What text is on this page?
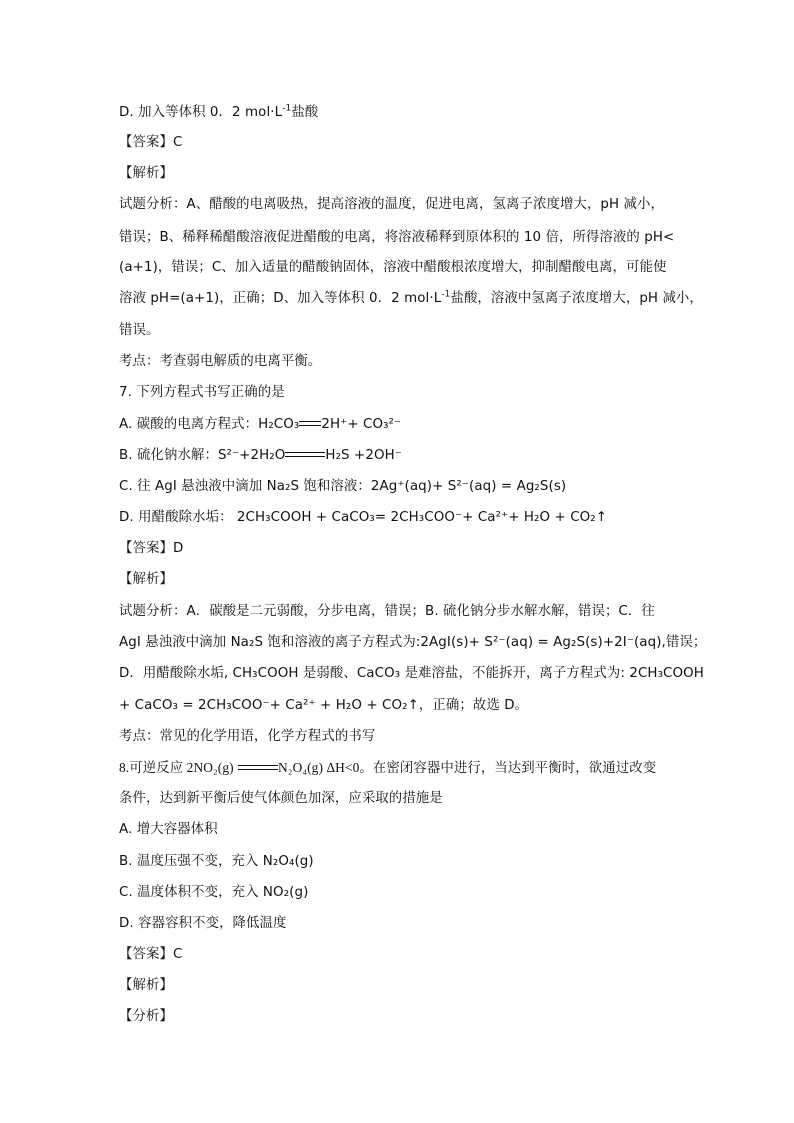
D. 加入等体积 0．2 $mol\cdot L^{-1}$盐酸
【答案】C
【解析】
试题分析：A、醋酸的电离吸热，提高溶液的温度，促进电离，氢离子浓度增大，pH 减小，
错误；B、稀释稀醋酸溶液促进醋酸的电离，将溶液稀释到原体积的 10 倍，所得溶液的 pH<
(a+1)，错误；C、加入适量的醋酸钠固体，溶液中醋酸根浓度增大，抑制醋酸电离，可能使
溶液 pH=(a+1)，正确；D、加入等体积 0．2 $mol\cdot L^{-1}$盐酸，溶液中氢离子浓度增大，pH 减小，
错误。
考点：考查弱电解质的电离平衡。
7. 下列方程式书写正确的是
A. 碳酸的电离方程式：H₂CO₃ 2H⁺+ CO₃²⁻
B. 硫化钠水解：S²⁻+2H₂O	H₂S +2OH⁻
C. 往 AgI 悬浊液中滴加 Na₂S 饱和溶液：2Ag⁺(aq)+ S²⁻(aq) = Ag₂S(s)
D. 用醋酸除水垢： 2CH₃COOH + CaCO₃= 2CH₃COO⁻+ Ca²⁺+ H₂O + CO₂↑
【答案】D
【解析】
试题分析：A．碳酸是二元弱酸，分步电离，错误；B. 硫化钠分步水解水解，错误；C．往
AgI 悬浊液中滴加 Na₂S 饱和溶液的离子方程式为:2AgI(s)+ S²⁻(aq) = Ag₂S(s)+2I⁻(aq),错误；
D．用醋酸除水垢, CH₃COOH 是弱酸、CaCO₃ 是难溶盐，不能拆开，离子方程式为: 2CH₃COOH
+ CaCO₃ = 2CH₃COO⁻+ Ca²⁺ + H₂O + CO₂↑，正确；故选 D。
考点：常见的化学用语，化学方程式的书写
8.可逆反应 2NO₂(g)	N₂O₄(g) ΔH<0。在密闭容器中进行，当达到平衡时，欲通过改变
条件，达到新平衡后使气体颜色加深，应采取的措施是
A. 增大容器体积
B. 温度压强不变，充入 N₂O₄(g)
C. 温度体积不变，充入 NO₂(g)
D. 容器容积不变，降低温度
【答案】C
【解析】
【分析】
